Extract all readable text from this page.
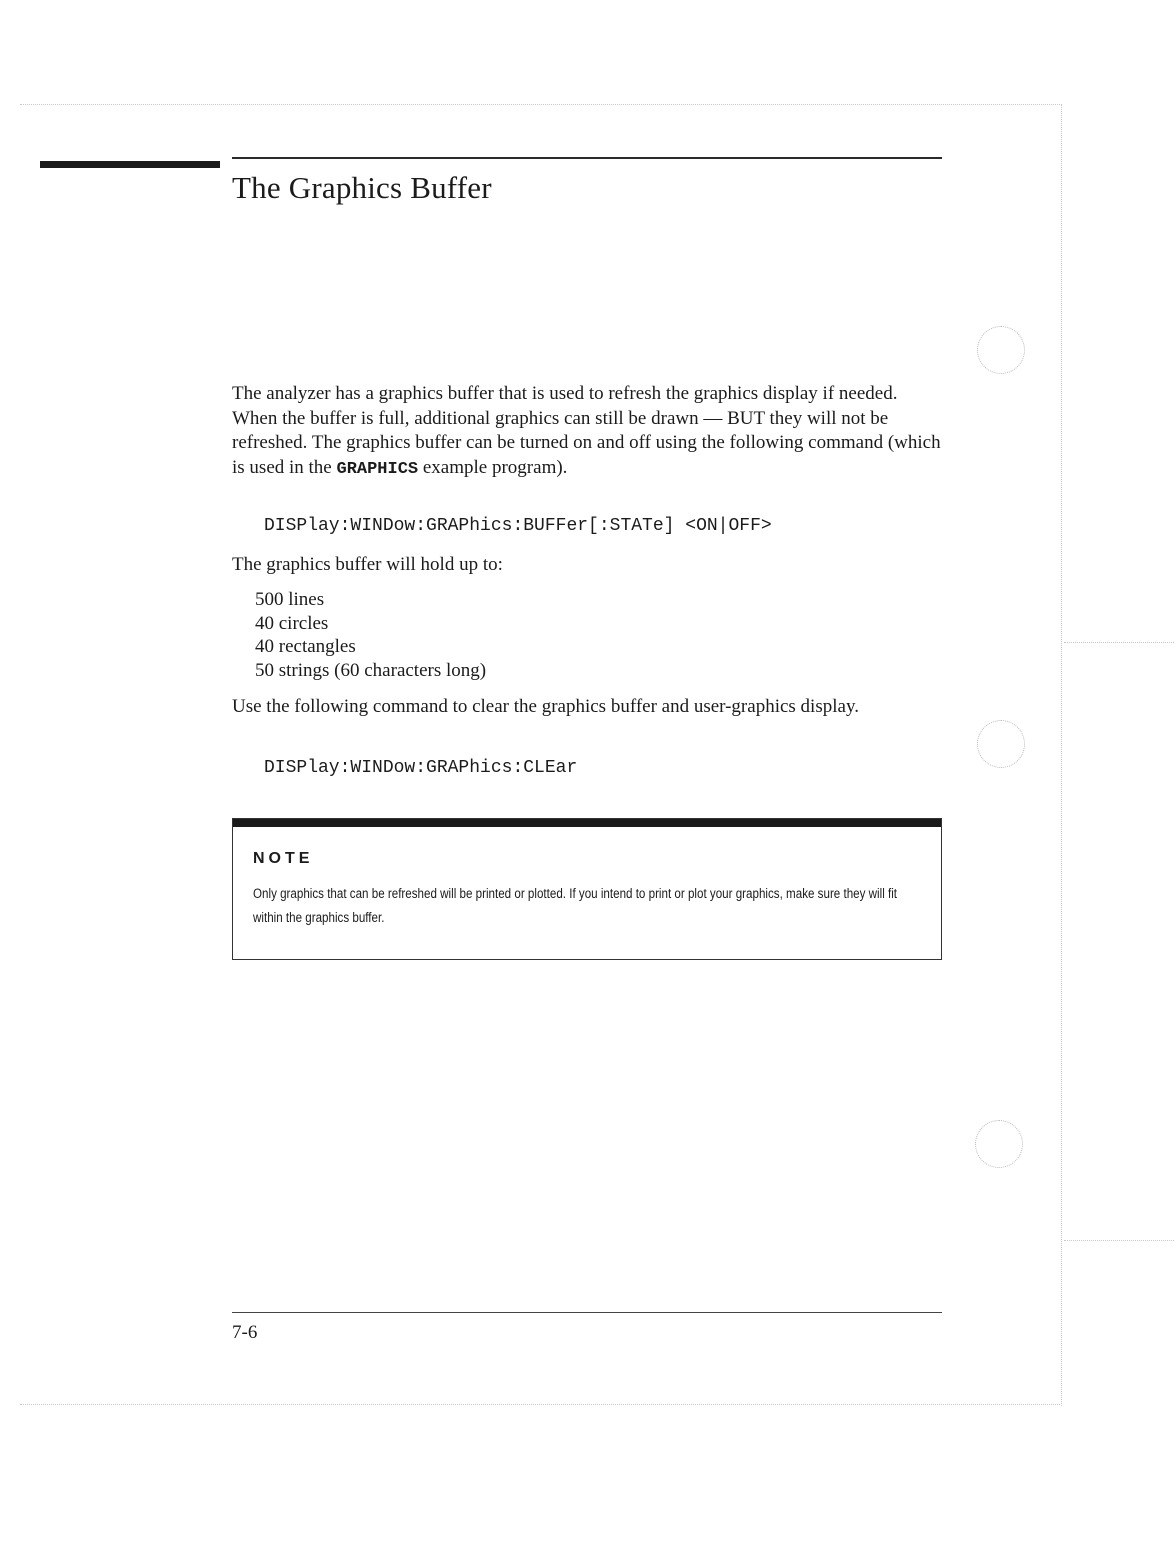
The Graphics Buffer

The analyzer has a graphics buffer that is used to refresh the graphics display if needed. When the buffer is full, additional graphics can still be drawn — BUT they will not be refreshed. The graphics buffer can be turned on and off using the following command (which is used in the GRAPHICS example program).

DISPlay:WINDow:GRAPhics:BUFFer[:STATe] <ON|OFF>

The graphics buffer will hold up to:

500 lines
40 circles
40 rectangles
50 strings (60 characters long)

Use the following command to clear the graphics buffer and user-graphics display.

DISPlay:WINDow:GRAPhics:CLEar

NOTE

Only graphics that can be refreshed will be printed or plotted. If you intend to print or plot your graphics, make sure they will fit within the graphics buffer.

7-6
